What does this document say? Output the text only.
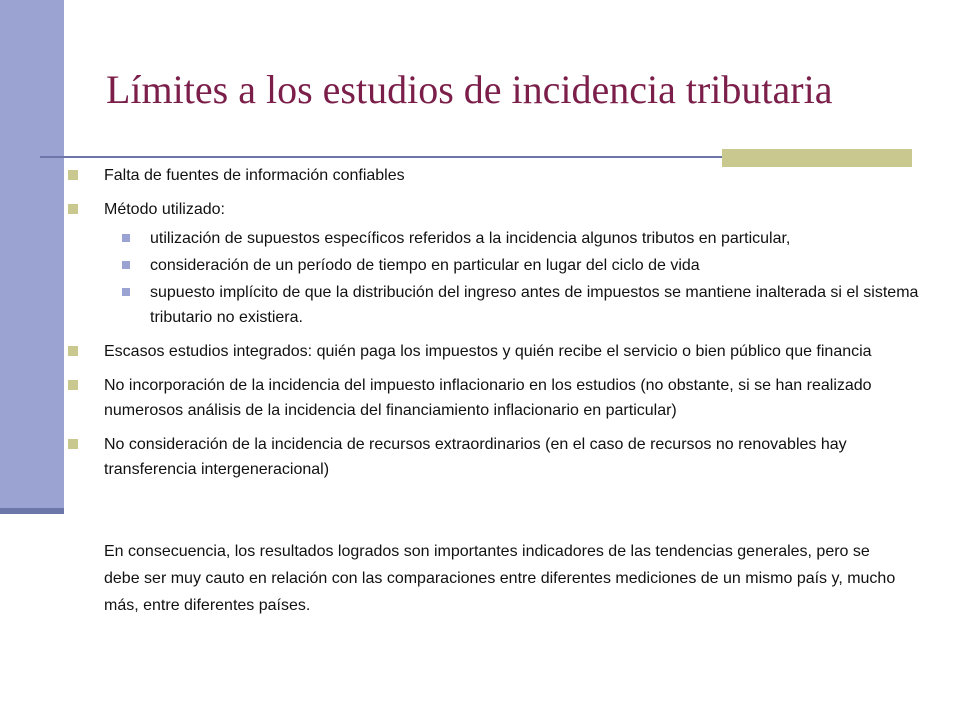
Límites a los estudios de incidencia tributaria
Falta de fuentes de información confiables
Método utilizado:
utilización de supuestos específicos referidos a la incidencia algunos tributos en particular,
consideración de un período de tiempo en particular en lugar del ciclo de vida
supuesto implícito de que la distribución del ingreso antes de impuestos se mantiene inalterada si el sistema tributario no existiera.
Escasos estudios integrados: quién paga los impuestos y quién recibe el servicio o bien público que financia
No incorporación de la incidencia del impuesto inflacionario en los estudios (no obstante, si se han realizado numerosos análisis de la incidencia del financiamiento inflacionario en particular)
No consideración de la incidencia de recursos extraordinarios (en el caso de recursos no renovables hay transferencia intergeneracional)
En consecuencia, los resultados logrados son importantes indicadores de las tendencias generales, pero se debe ser muy cauto en relación con las comparaciones entre diferentes mediciones de un mismo país y, mucho más, entre diferentes países.
